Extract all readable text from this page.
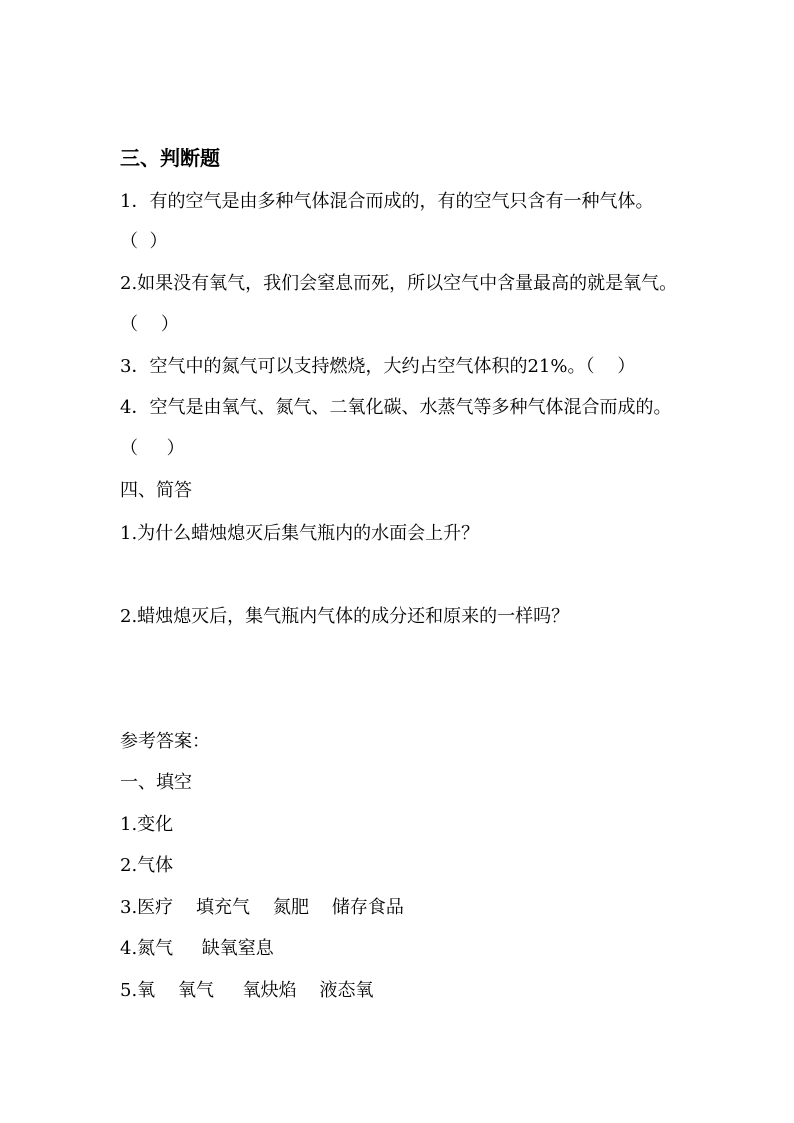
三、判断题
1．有的空气是由多种气体混合而成的，有的空气只含有一种气体。
（  ）
2.如果没有氧气，我们会窒息而死，所以空气中含量最高的就是氧气。
（    ）
3．空气中的氮气可以支持燃烧，大约占空气体积的21%。（    ）
4．空气是由氧气、氮气、二氧化碳、水蒸气等多种气体混合而成的。
（     ）
四、简答
1.为什么蜡烛熄灭后集气瓶内的水面会上升？
2.蜡烛熄灭后，集气瓶内气体的成分还和原来的一样吗？
参考答案：
一、填空
1.变化
2.气体
3.医疗    填充气    氮肥    储存食品
4.氮气     缺氧窒息
5.氧    氧气     氧炔焰    液态氧
